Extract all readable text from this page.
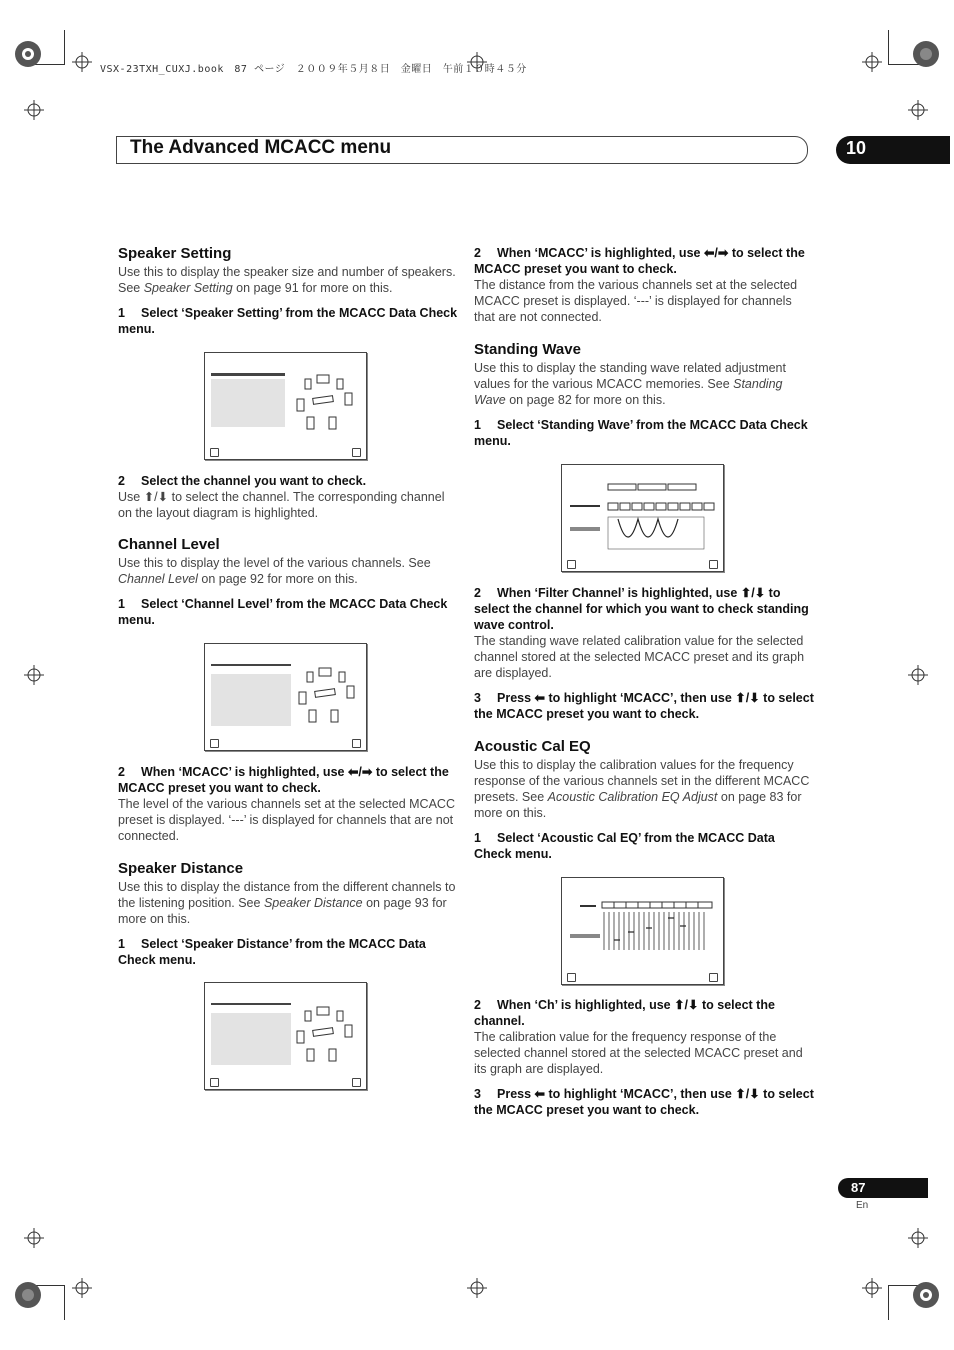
VSX-23TXH_CUXJ.book　87 ページ　２００９年５月８日　金曜日　午前１０時４５分
The Advanced MCACC menu	10
Speaker Setting

Use this to display the speaker size and number of speakers. See Speaker Setting on page 91 for more on this.

1 Select ‘Speaker Setting’ from the MCACC Data Check menu.

2 Select the channel you want to check.

Use ⬆/⬇ to select the channel. The corresponding channel on the layout diagram is highlighted.

Channel Level

Use this to display the level of the various channels. See Channel Level on page 92 for more on this.

1 Select ‘Channel Level’ from the MCACC Data Check menu.

2 When ‘MCACC’ is highlighted, use ⬅/➡ to select the MCACC preset you want to check.

The level of the various channels set at the selected MCACC preset is displayed. ‘---’ is displayed for channels that are not connected.

Speaker Distance

Use this to display the distance from the different channels to the listening position. See Speaker Distance on page 93 for more on this.

1 Select ‘Speaker Distance’ from the MCACC Data Check menu.

2 When ‘MCACC’ is highlighted, use ⬅/➡ to select the MCACC preset you want to check.

The distance from the various channels set at the selected MCACC preset is displayed. ‘---’ is displayed for channels that are not connected.

Standing Wave

Use this to display the standing wave related adjustment values for the various MCACC memories. See Standing Wave on page 82 for more on this.

1 Select ‘Standing Wave’ from the MCACC Data Check menu.

2 When ‘Filter Channel’ is highlighted, use ⬆/⬇ to select the channel for which you want to check standing wave control.

The standing wave related calibration value for the selected channel stored at the selected MCACC preset and its graph are displayed.

3 Press ⬅ to highlight ‘MCACC’, then use ⬆/⬇ to select the MCACC preset you want to check.

Acoustic Cal EQ

Use this to display the calibration values for the frequency response of the various channels set in the different MCACC presets. See Acoustic Calibration EQ Adjust on page 83 for more on this.

1 Select ‘Acoustic Cal EQ’ from the MCACC Data Check menu.

2 When ‘Ch’ is highlighted, use ⬆/⬇ to select the channel.

The calibration value for the frequency response of the selected channel stored at the selected MCACC preset and its graph are displayed.

3 Press ⬅ to highlight ‘MCACC’, then use ⬆/⬇ to select the MCACC preset you want to check.

87
En
